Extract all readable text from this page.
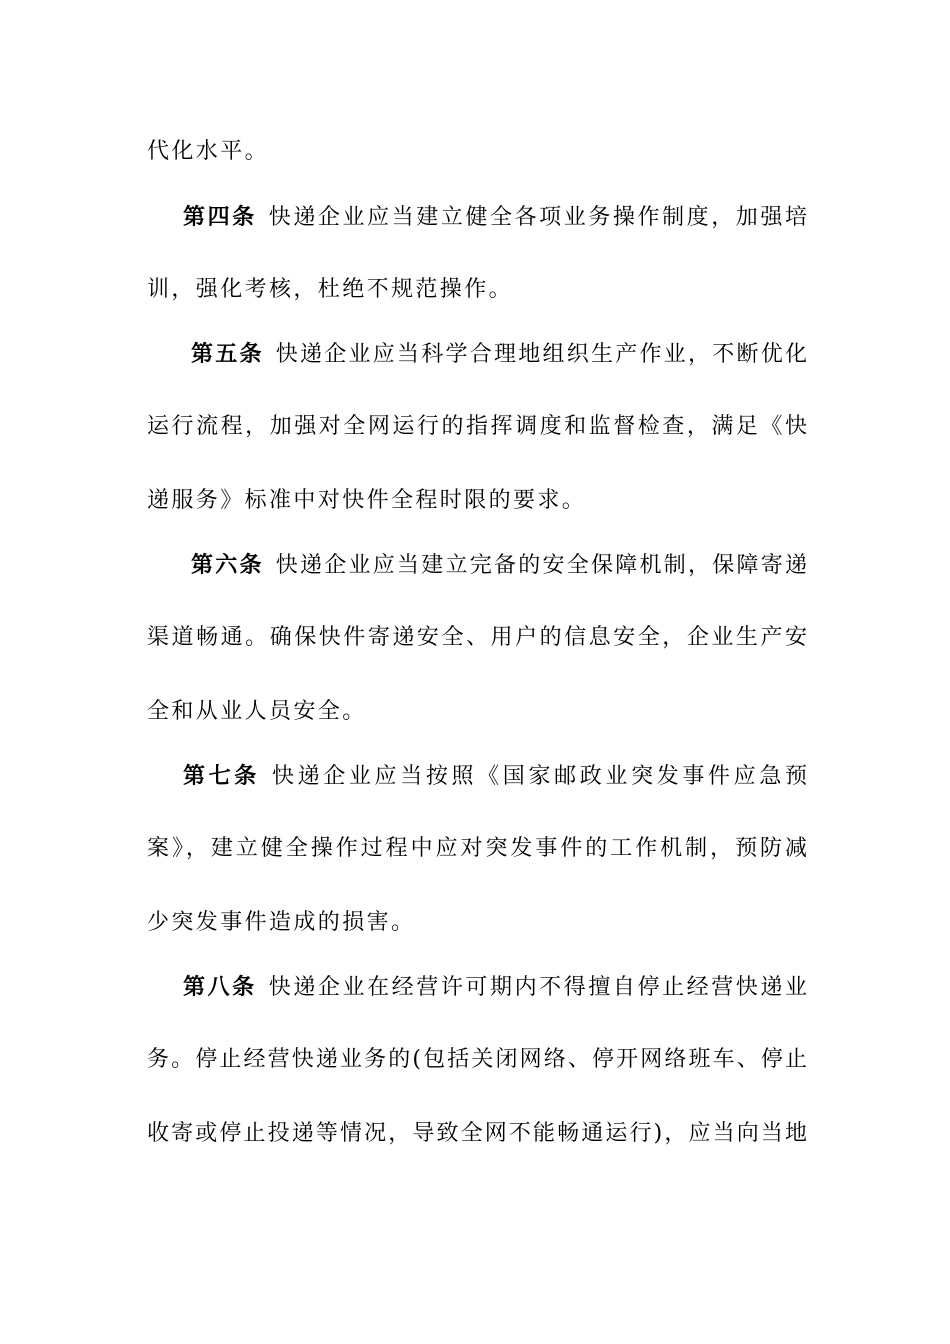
代化水平。
第四条 快递企业应当建立健全各项业务操作制度，加强培
训，强化考核，杜绝不规范操作。
第五条 快递企业应当科学合理地组织生产作业，不断优化
运行流程，加强对全网运行的指挥调度和监督检查，满足《快
递服务》标准中对快件全程时限的要求。
第六条 快递企业应当建立完备的安全保障机制，保障寄递
渠道畅通。确保快件寄递安全、用户的信息安全，企业生产安
全和从业人员安全。
第七条 快递企业应当按照《国家邮政业突发事件应急预
案》，建立健全操作过程中应对突发事件的工作机制，预防减
少突发事件造成的损害。
第八条 快递企业在经营许可期内不得擅自停止经营快递业
务。停止经营快递业务的(包括关闭网络、停开网络班车、停止
收寄或停止投递等情况，导致全网不能畅通运行)，应当向当地
